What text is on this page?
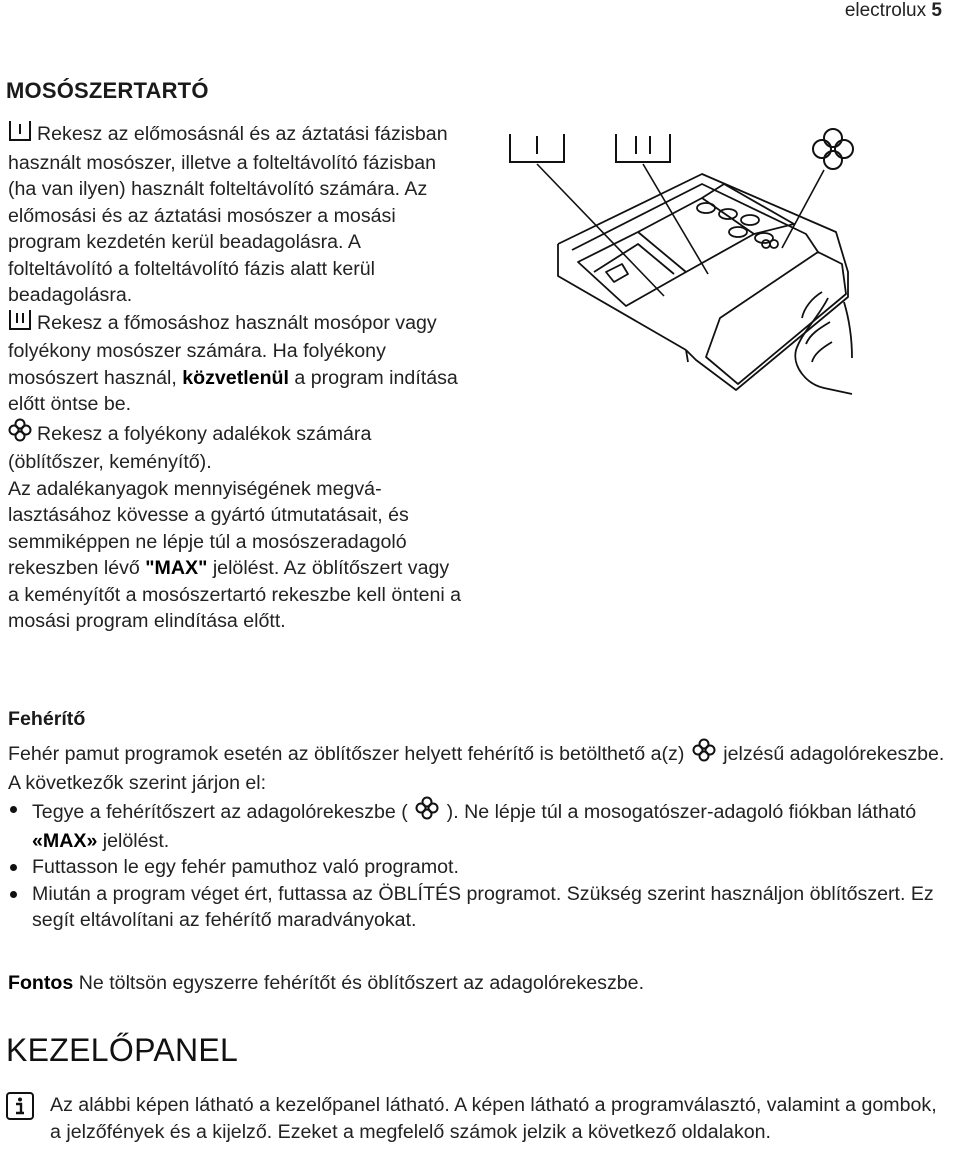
electrolux 5
MOSÓSZERTARTÓ

Rekesz az előmosásnál és az áztatási fázisban használt mosószer, illetve a folteltávolító fázisban (ha van ilyen) használt folteltávolító számára. Az előmosási és az áztatási mosószer a mosási program kezdetén kerül beadagolásra. A folteltávolító a folteltávolító fázis alatt kerül beadagolásra.

Rekesz a főmosáshoz használt mosópor vagy folyékony mosószer számára. Ha folyékony mosószert használ, közvetlenül a program indítása előtt öntse be.

Rekesz a folyékony adalékok számára (öblítőszer, keményítő).

Az adalékanyagok mennyiségének megválasztásához kövesse a gyártó útmutatásait, és semmiképpen ne lépje túl a mosószeradagoló rekeszben lévő "MAX" jelölést. Az öblítőszert vagy a keményítőt a mosószertartó rekeszbe kell önteni a mosási program elindítása előtt.

Fehérítő

Fehér pamut programok esetén az öblítőszer helyett fehérítő is betölthető a(z) jelzésű adagolórekeszbe.

A következők szerint járjon el:

Tegye a fehérítőszert az adagolórekeszbe ( ). Ne lépje túl a mosogatószer-adagoló fiókban látható «MAX» jelölést.
Futtasson le egy fehér pamuthoz való programot.
Miután a program véget ért, futtassa az ÖBLÍTÉS programot. Szükség szerint használjon öblítőszert. Ez segít eltávolítani az fehérítő maradványokat.
Fontos Ne töltsön egyszerre fehérítőt és öblítőszert az adagolórekeszbe.
KEZELŐPANEL
Az alábbi képen látható a kezelőpanel látható. A képen látható a programválasztó, valamint a gombok, a jelzőfények és a kijelző. Ezeket a megfelelő számok jelzik a következő oldalakon.
